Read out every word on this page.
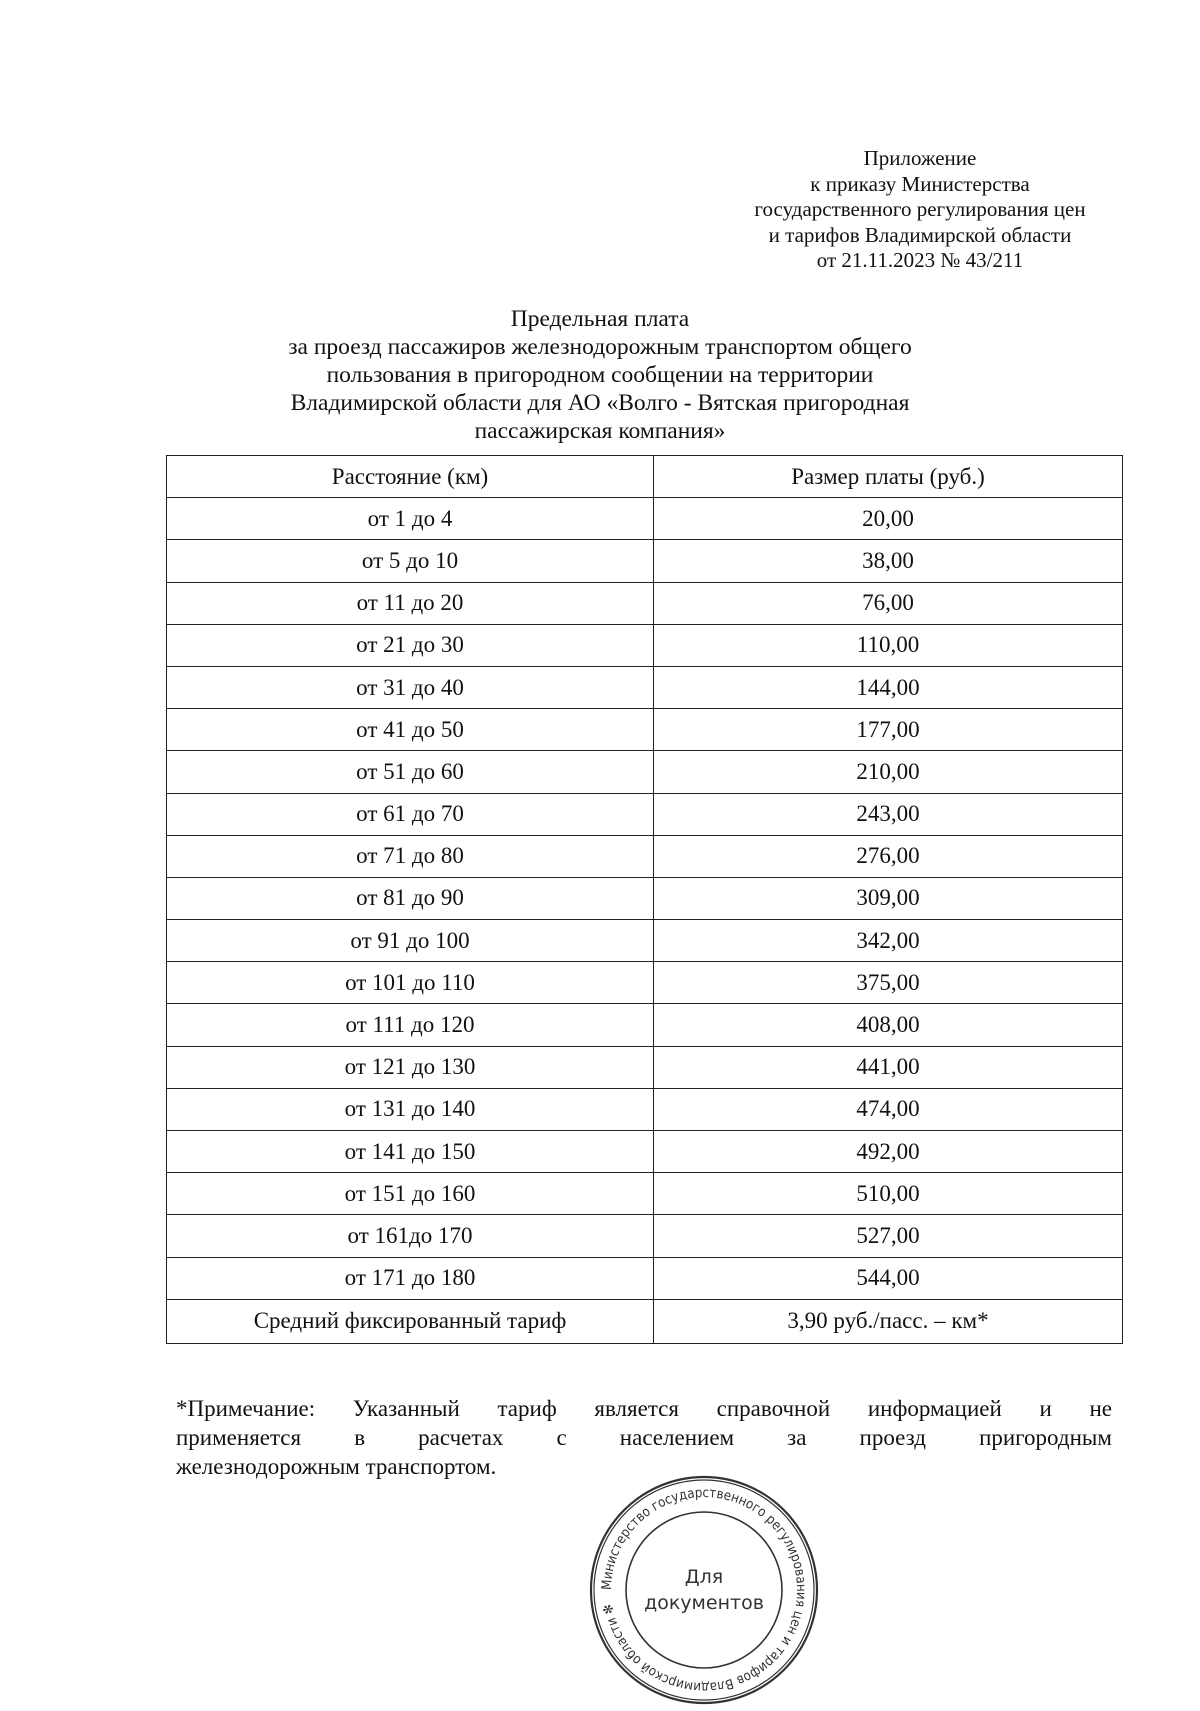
Приложение
к приказу Министерства
государственного регулирования цен
и тарифов Владимирской области
от 21.11.2023 № 43/211
Предельная плата
за проезд пассажиров железнодорожным транспортом общего
пользования в пригородном сообщении на территории
Владимирской области для АО «Волго - Вятская пригородная
пассажирская компания»
Расстояние (км)	Размер платы (руб.)
от 1 до 4	20,00
от 5 до 10	38,00
от 11 до 20	76,00
от 21 до 30	110,00
от 31 до 40	144,00
от 41 до 50	177,00
от 51 до 60	210,00
от 61 до 70	243,00
от 71 до 80	276,00
от 81 до 90	309,00
от 91 до 100	342,00
от 101 до 110	375,00
от 111 до 120	408,00
от 121 до 130	441,00
от 131 до 140	474,00
от 141 до 150	492,00
от 151 до 160	510,00
от 161до 170	527,00
от 171 до 180	544,00
Средний фиксированный тариф	3,90 руб./пасс. – км*
*Примечание: Указанный тариф является справочной информацией и не
применяется в расчетах с населением за проезд пригородным
железнодорожным транспортом.
Министерство государственного регулирования цен и тарифов Владимирской области ✻
Для
документов
